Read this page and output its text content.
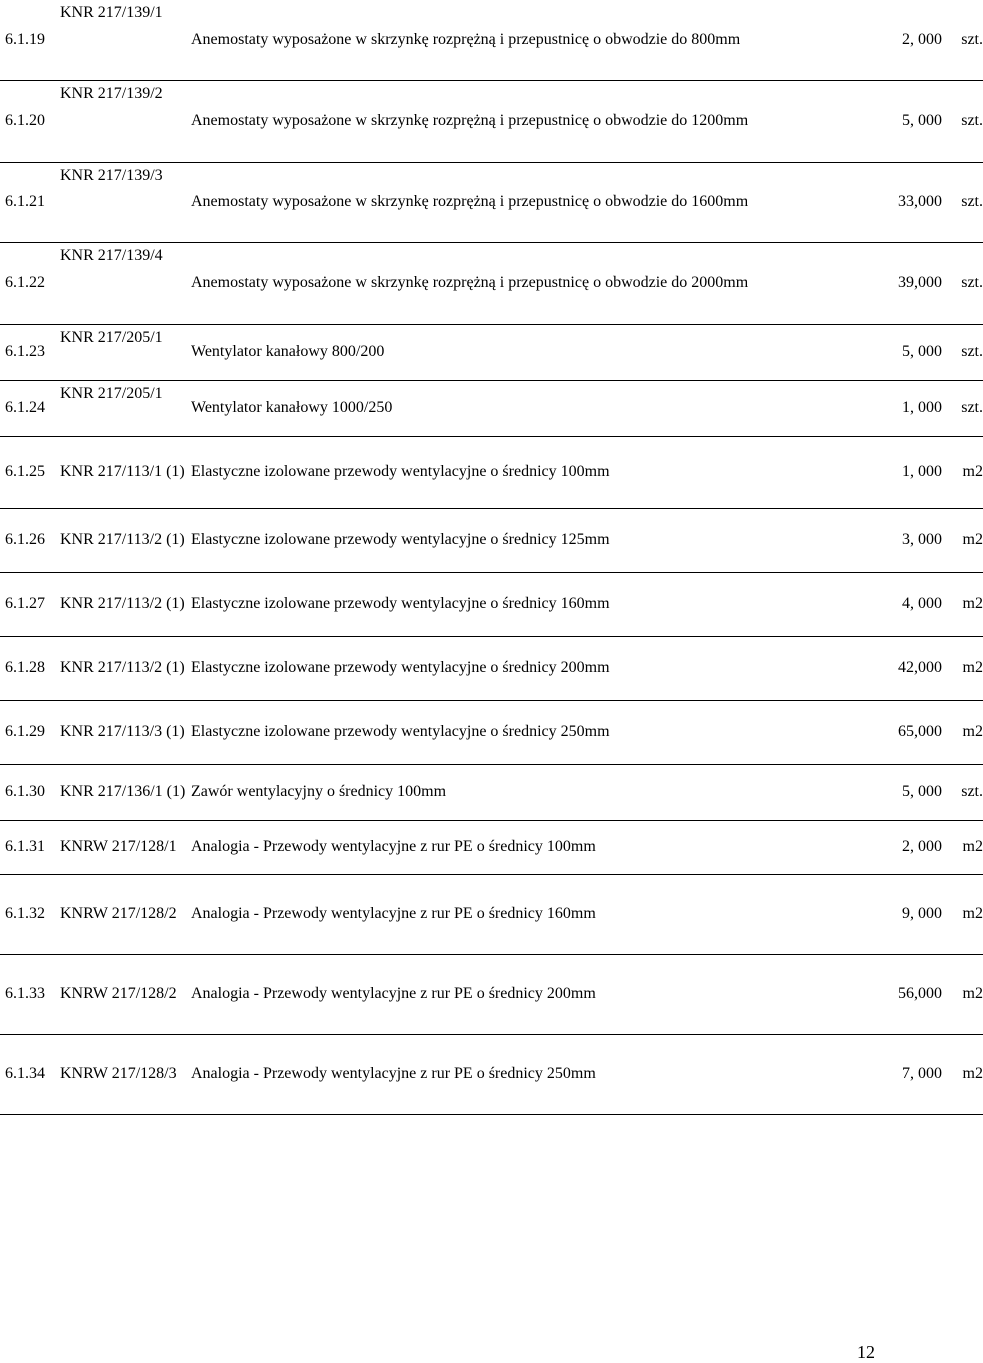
6.1.19	KNR 217/139/1	Anemostaty wyposażone w skrzynkę rozprężną i przepustnicę o obwodzie do 800mm	2, 000	szt.
6.1.20	KNR 217/139/2	Anemostaty wyposażone w skrzynkę rozprężną i przepustnicę o obwodzie do 1200mm	5, 000	szt.
6.1.21	KNR 217/139/3	Anemostaty wyposażone w skrzynkę rozprężną i przepustnicę o obwodzie do 1600mm	33,000	szt.
6.1.22	KNR 217/139/4	Anemostaty wyposażone w skrzynkę rozprężną i przepustnicę o obwodzie do 2000mm	39,000	szt.
6.1.23	KNR 217/205/1	Wentylator kanałowy 800/200	5, 000	szt.
6.1.24	KNR 217/205/1	Wentylator kanałowy 1000/250	1, 000	szt.
6.1.25	KNR 217/113/1 (1)	Elastyczne izolowane przewody wentylacyjne o średnicy 100mm	1, 000	m2
6.1.26	KNR 217/113/2 (1)	Elastyczne izolowane przewody wentylacyjne o średnicy 125mm	3, 000	m2
6.1.27	KNR 217/113/2 (1)	Elastyczne izolowane przewody wentylacyjne o średnicy 160mm	4, 000	m2
6.1.28	KNR 217/113/2 (1)	Elastyczne izolowane przewody wentylacyjne o średnicy 200mm	42,000	m2
6.1.29	KNR 217/113/3 (1)	Elastyczne izolowane przewody wentylacyjne o średnicy 250mm	65,000	m2
6.1.30	KNR 217/136/1 (1)	Zawór wentylacyjny o średnicy 100mm	5, 000	szt.
6.1.31	KNRW 217/128/1	Analogia - Przewody wentylacyjne z rur PE o średnicy 100mm	2, 000	m2
6.1.32	KNRW 217/128/2	Analogia - Przewody wentylacyjne z rur PE o średnicy 160mm	9, 000	m2
6.1.33	KNRW 217/128/2	Analogia - Przewody wentylacyjne z rur PE o średnicy 200mm	56,000	m2
6.1.34	KNRW 217/128/3	Analogia - Przewody wentylacyjne z rur PE o średnicy 250mm	7, 000	m2
12
